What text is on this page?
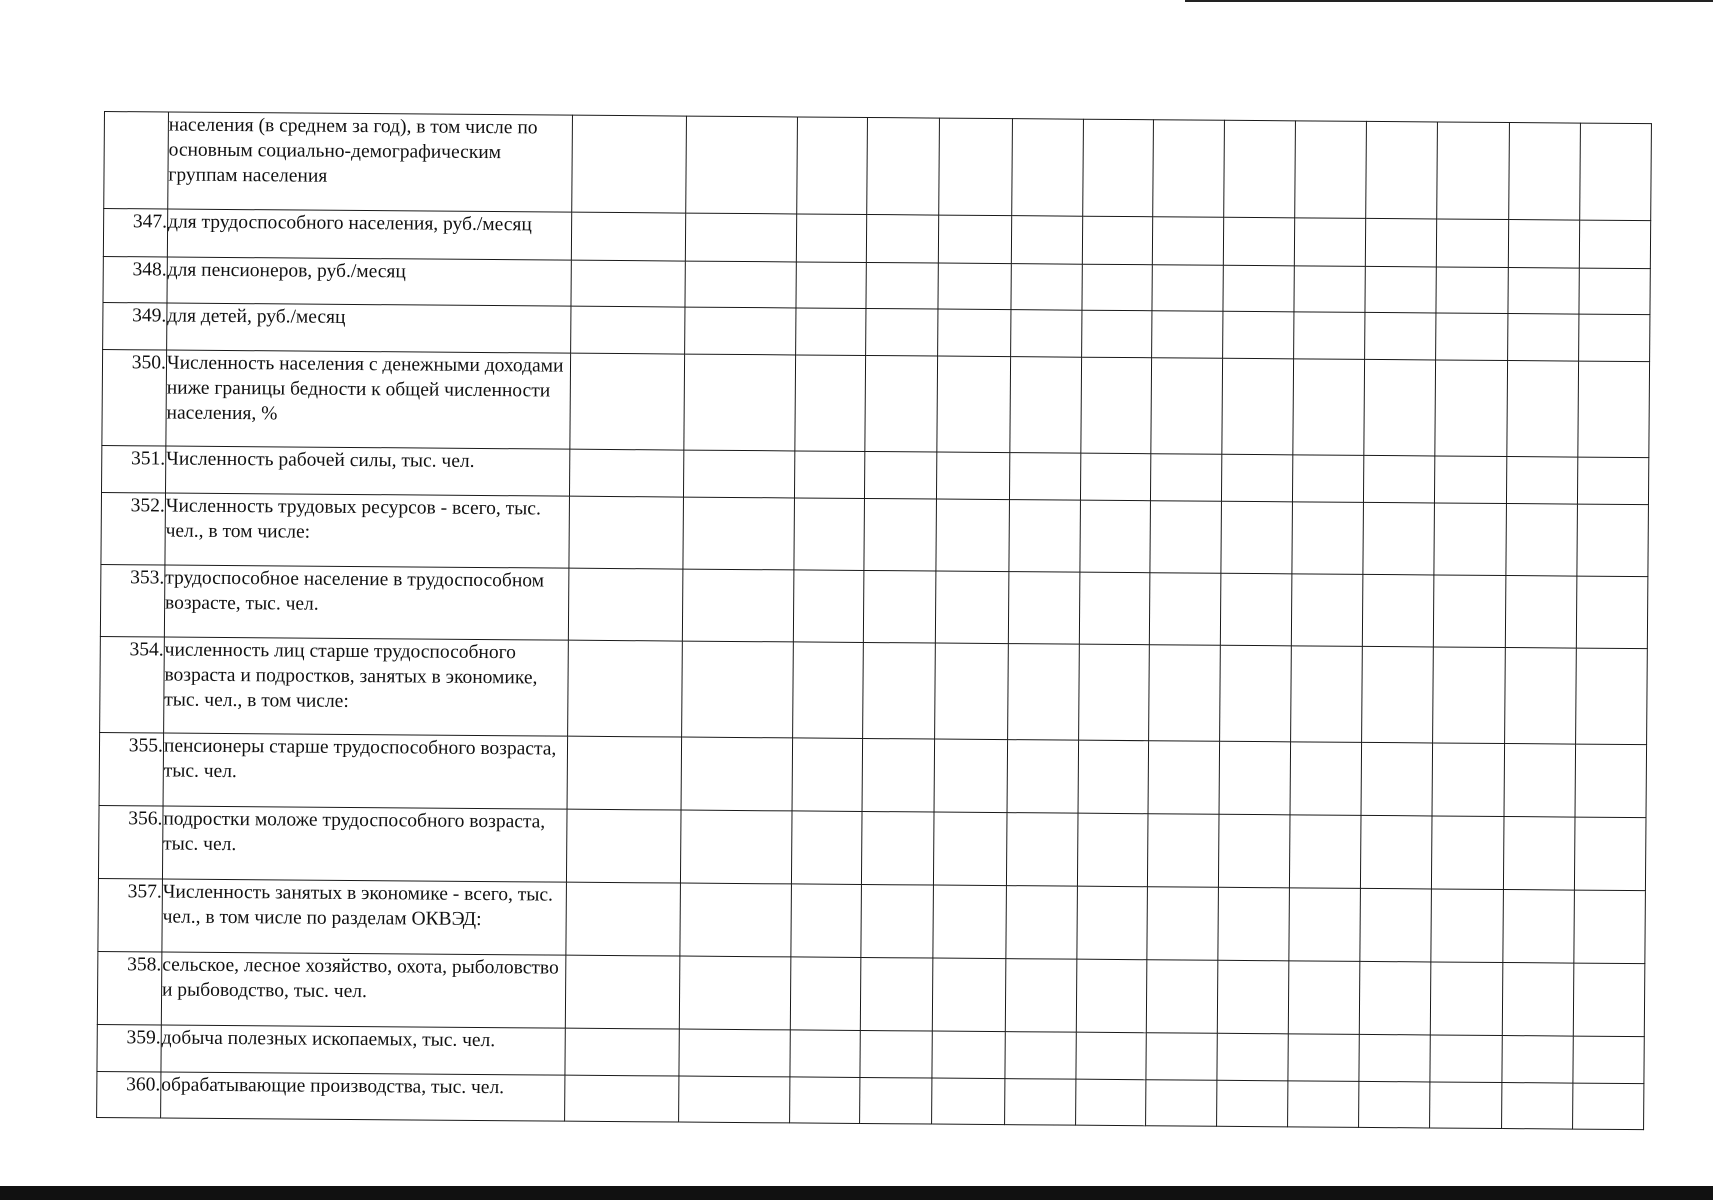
	населения (в среднем за год), в том числе по основным социально-демографическим группам населения														
347.	для трудоспособного населения, руб./месяц														
348.	для пенсионеров, руб./месяц														
349.	для детей, руб./месяц														
350.	Численность населения с денежными доходами ниже границы бедности к общей численности населения, %														
351.	Численность рабочей силы, тыс. чел.														
352.	Численность трудовых ресурсов - всего, тыс. чел., в том числе:														
353.	трудоспособное население в трудоспособном возрасте, тыс. чел.														
354.	численность лиц старше трудоспособного возраста и подростков, занятых в экономике, тыс. чел., в том числе:														
355.	пенсионеры старше трудоспособного возраста, тыс. чел.														
356.	подростки моложе трудоспособного возраста, тыс. чел.														
357.	Численность занятых в экономике - всего, тыс. чел., в том числе по разделам ОКВЭД:														
358.	сельское, лесное хозяйство, охота, рыболовство и рыбоводство, тыс. чел.														
359.	добыча полезных ископаемых, тыс. чел.														
360.	обрабатывающие производства, тыс. чел.														
